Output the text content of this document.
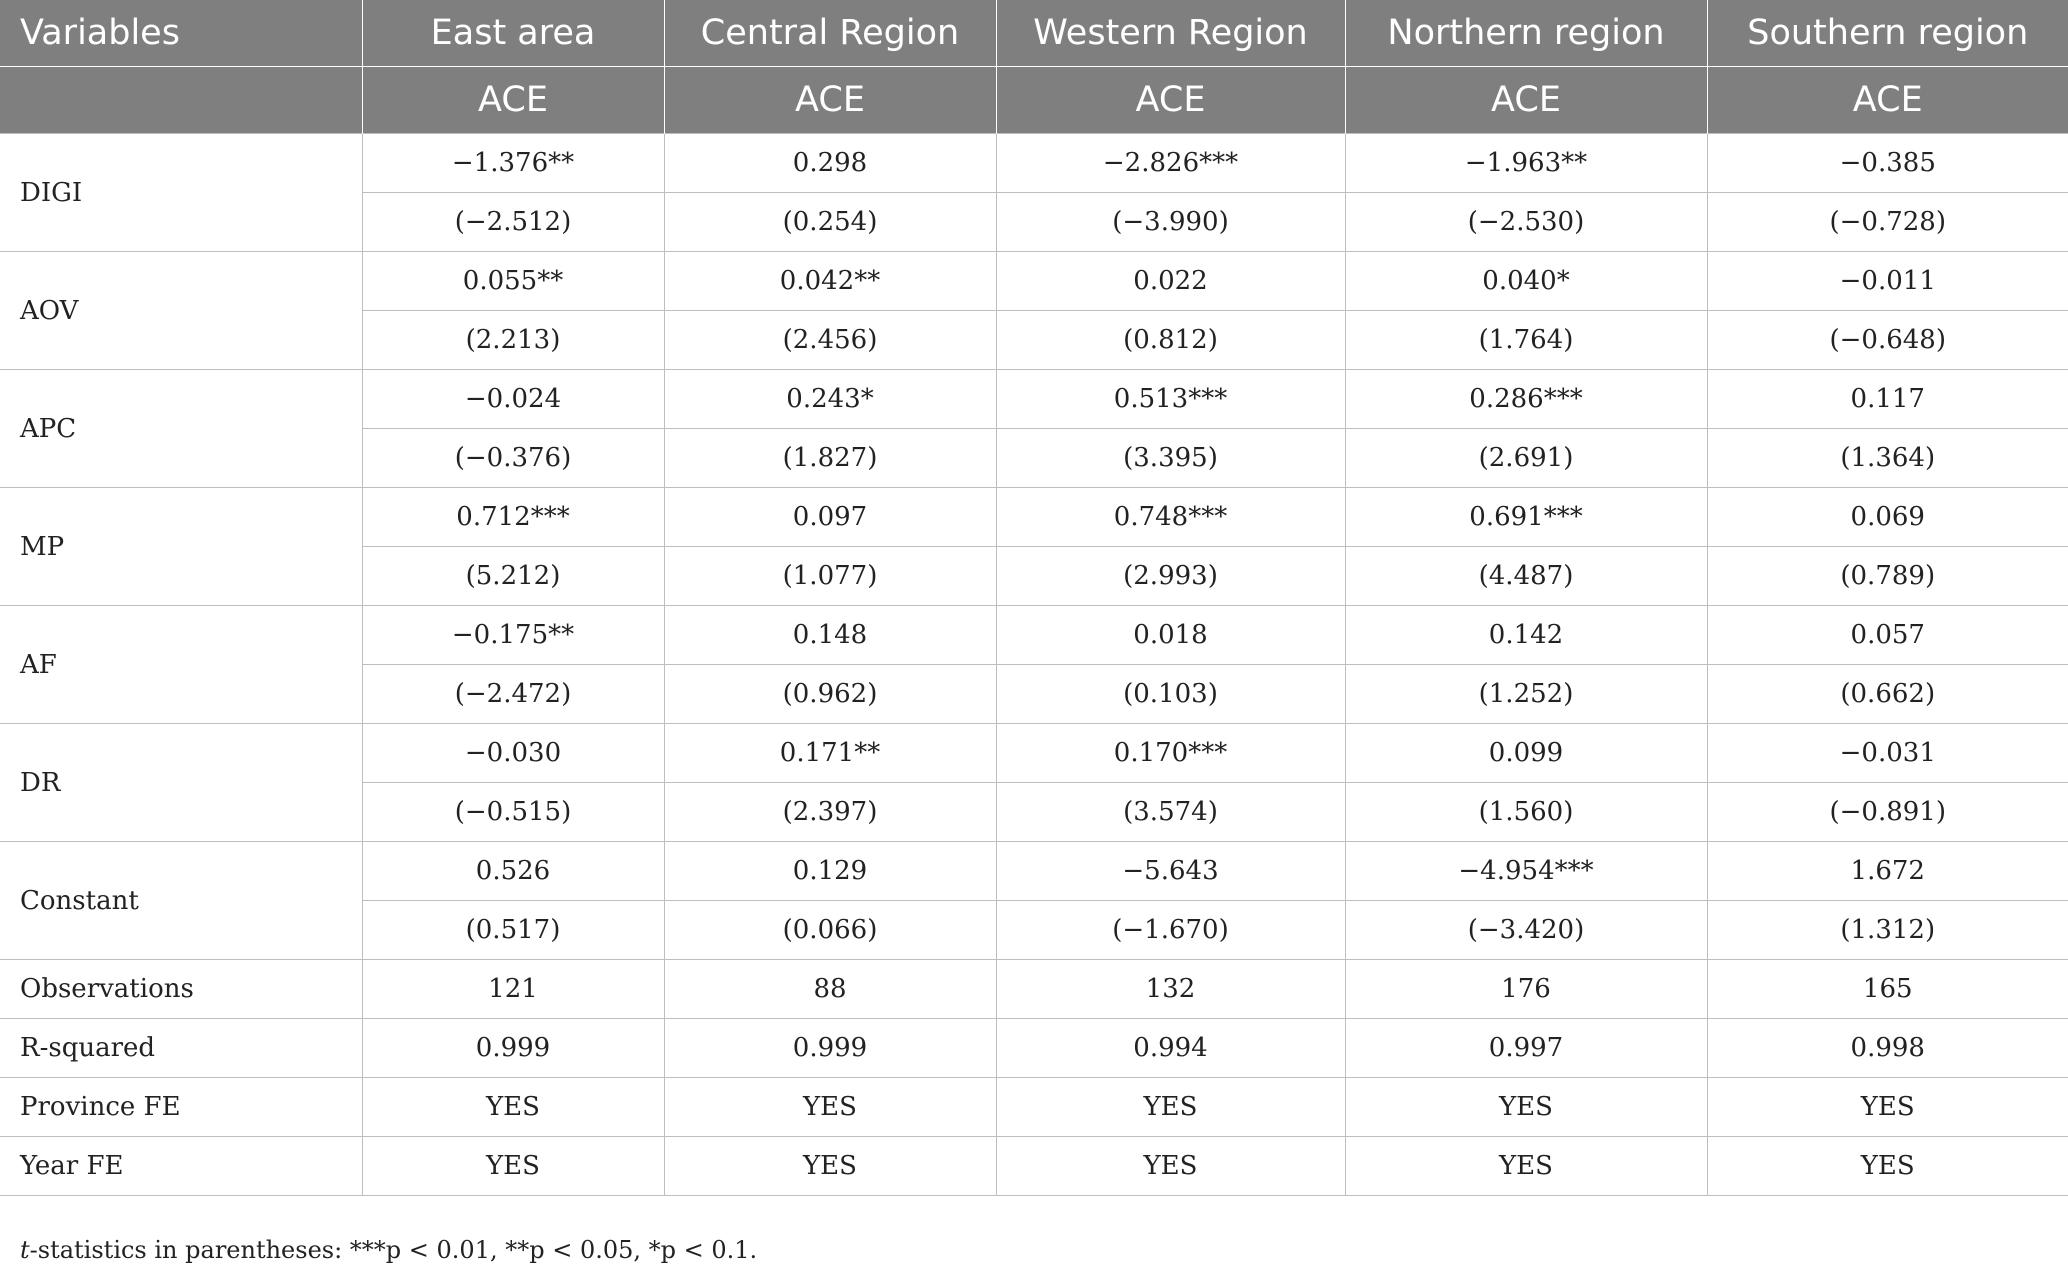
Variables	East area	Central Region	Western Region	Northern region	Southern region
	ACE	ACE	ACE	ACE	ACE
DIGI	−1.376**	0.298	−2.826***	−1.963**	−0.385
	(−2.512)	(0.254)	(−3.990)	(−2.530)	(−0.728)
AOV	0.055**	0.042**	0.022	0.040*	−0.011
	(2.213)	(2.456)	(0.812)	(1.764)	(−0.648)
APC	−0.024	0.243*	0.513***	0.286***	0.117
	(−0.376)	(1.827)	(3.395)	(2.691)	(1.364)
MP	0.712***	0.097	0.748***	0.691***	0.069
	(5.212)	(1.077)	(2.993)	(4.487)	(0.789)
AF	−0.175**	0.148	0.018	0.142	0.057
	(−2.472)	(0.962)	(0.103)	(1.252)	(0.662)
DR	−0.030	0.171**	0.170***	0.099	−0.031
	(−0.515)	(2.397)	(3.574)	(1.560)	(−0.891)
Constant	0.526	0.129	−5.643	−4.954***	1.672
	(0.517)	(0.066)	(−1.670)	(−3.420)	(1.312)
Observations	121	88	132	176	165
R-squared	0.999	0.999	0.994	0.997	0.998
Province FE	YES	YES	YES	YES	YES
Year FE	YES	YES	YES	YES	YES
t-statistics in parentheses: ***p < 0.01, **p < 0.05, *p < 0.1.
